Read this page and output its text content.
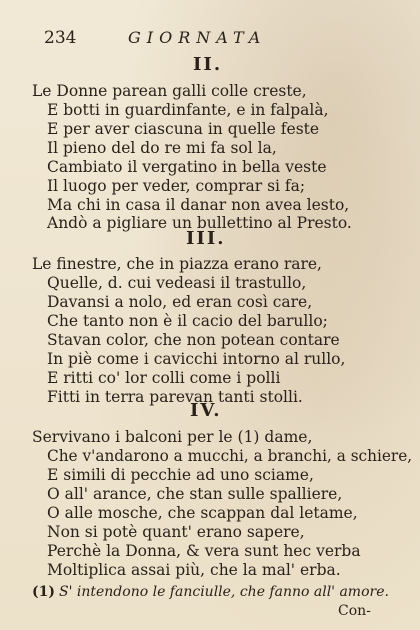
234	GIORNATA
II.
Le Donne parean galli colle creste,
E botti in guardinfante, e in falpalà,
E per aver ciascuna in quelle feste
Il pieno del do re mi fa sol la,
Cambiato il vergatino in bella veste
Il luogo per veder, comprar si fa;
Ma chi in casa il danar non avea lesto,
Andò a pigliare un bullettino al Presto.
III.
Le finestre, che in piazza erano rare,
Quelle, d. cui vedeasi il trastullo,
Davansi a nolo, ed eran così care,
Che tanto non è il cacio del barullo;
Stavan color, che non potean contare
In piè come i cavicchi intorno al rullo,
E ritti co' lor colli come i polli
Fitti in terra parevan tanti stolli.
IV.
Servivano i balconi per le (1) dame,
Che v'andarono a mucchi, a branchi, a schiere,
E simili di pecchie ad uno sciame,
O all' arance, che stan sulle spalliere,
O alle mosche, che scappan dal letame,
Non si potè quant' erano sapere,
Perchè la Donna, & vera sunt hec verba
Moltiplica assai più, che la mal' erba.
(1) S' intendono le fanciulle, che fanno all' amore.
Con-
